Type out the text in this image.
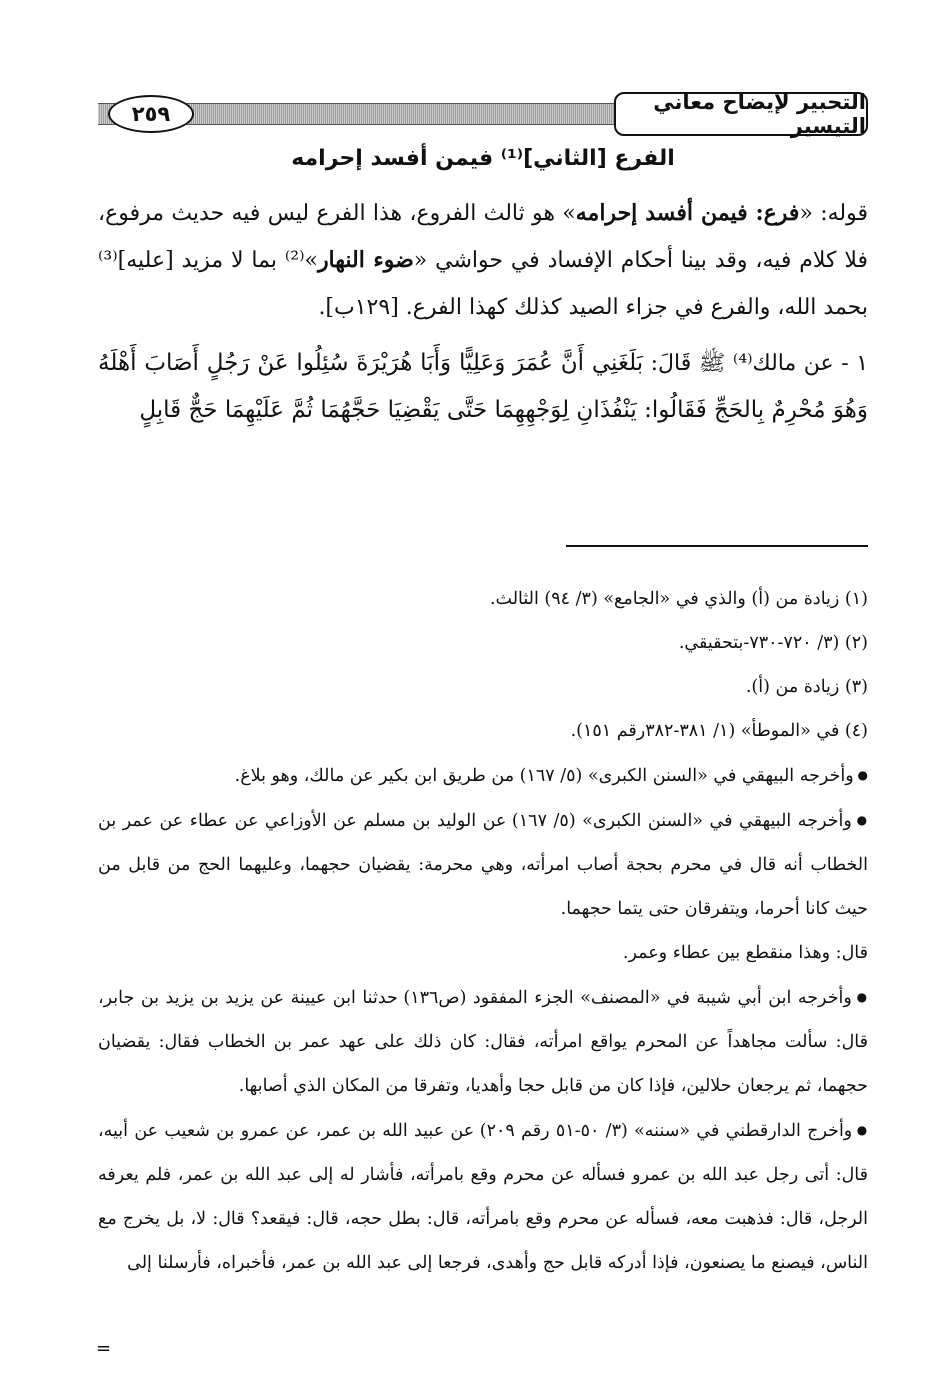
التحبير لإيضاح معاني التيسير
٢٥٩
الفرع [الثاني]⁽¹⁾ فيمن أفسد إحرامه
قوله: «فرع: فيمن أفسد إحرامه» هو ثالث الفروع، هذا الفرع ليس فيه حديث مرفوع، فلا كلام فيه، وقد بينا أحكام الإفساد في حواشي «ضوء النهار»⁽²⁾ بما لا مزيد [عليه]⁽³⁾ بحمد الله، والفرع في جزاء الصيد كذلك كهذا الفرع. [١٢٩ب].
١ - عن مالك⁽⁴⁾ ﷺ قَالَ: بَلَغَنِي أَنَّ عُمَرَ وَعَلِيًّا وَأَبَا هُرَيْرَةَ سُئِلُوا عَنْ رَجُلٍ أَصَابَ أَهْلَهُ وَهُوَ مُحْرِمٌ بِالحَجِّ فَقَالُوا: يَنْفُذَانِ لِوَجْهِهِمَا حَتَّى يَقْضِيَا حَجَّهُمَا ثُمَّ عَلَيْهِمَا حَجٌّ قَابِلٍ

(١) زيادة من (أ) والذي في «الجامع» (٣/ ٩٤) الثالث.

(٢) (٣/ ٧٢٠-٧٣٠-بتحقيقي.

(٣) زيادة من (أ).

(٤) في «الموطأ» (١/ ٣٨١-٣٨٢رقم ١٥١).

● وأخرجه البيهقي في «السنن الكبرى» (٥/ ١٦٧) من طريق ابن بكير عن مالك، وهو بلاغ.

● وأخرجه البيهقي في «السنن الكبرى» (٥/ ١٦٧) عن الوليد بن مسلم عن الأوزاعي عن عطاء عن عمر بن الخطاب أنه قال في محرم بحجة أصاب امرأته، وهي محرمة: يقضيان حجهما، وعليهما الحج من قابل من حيث كانا أحرما، ويتفرقان حتى يتما حجهما.

قال: وهذا منقطع بين عطاء وعمر.

● وأخرجه ابن أبي شيبة في «المصنف» الجزء المفقود (ص١٣٦) حدثنا ابن عيينة عن يزيد بن يزيد بن جابر، قال: سألت مجاهداً عن المحرم يواقع امرأته، فقال: كان ذلك على عهد عمر بن الخطاب فقال: يقضيان حجهما، ثم يرجعان حلالين، فإذا كان من قابل حجا وأهديا، وتفرقا من المكان الذي أصابها.

● وأخرج الدارقطني في «سننه» (٣/ ٥٠-٥١ رقم ٢٠٩) عن عبيد الله بن عمر، عن عمرو بن شعيب عن أبيه، قال: أتى رجل عبد الله بن عمرو فسأله عن محرم وقع بامرأته، فأشار له إلى عبد الله بن عمر، فلم يعرفه الرجل، قال: فذهبت معه، فسأله عن محرم وقع بامرأته، قال: بطل حجه، قال: فيقعد؟ قال: لا، بل يخرج مع الناس، فيصنع ما يصنعون، فإذا أدركه قابل حج وأهدى، فرجعا إلى عبد الله بن عمر، فأخبراه، فأرسلنا إلى

=
